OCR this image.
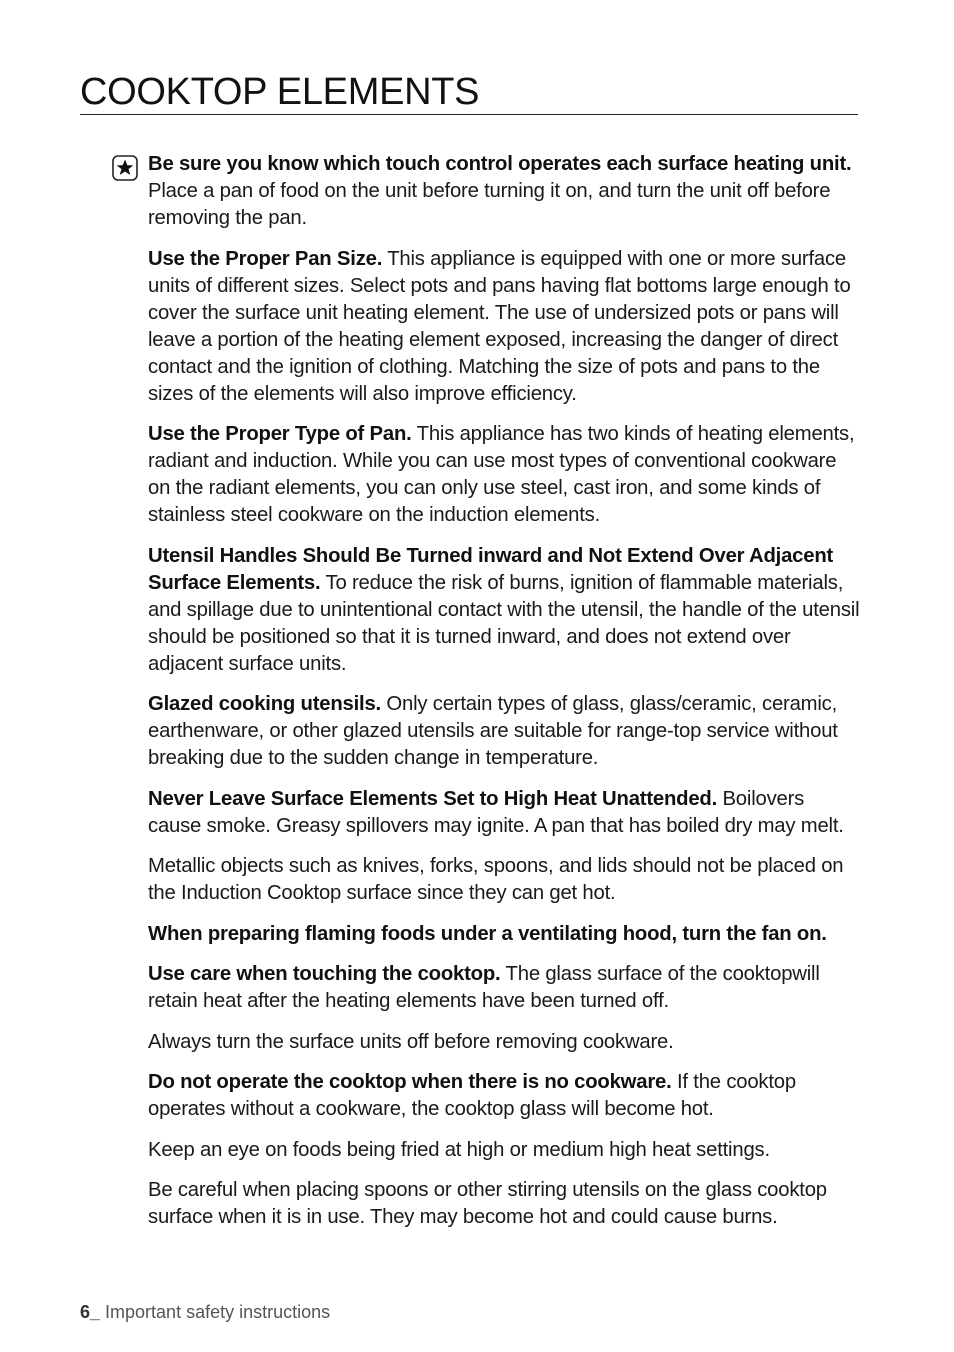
COOKTOP ELEMENTS

Be sure you know which touch control operates each surface heating unit. Place a pan of food on the unit before turning it on, and turn the unit off before removing the pan.

Use the Proper Pan Size. This appliance is equipped with one or more surface units of different sizes. Select pots and pans having flat bottoms large enough to cover the surface unit heating element. The use of undersized pots or pans will leave a portion of the heating element exposed, increasing the danger of direct contact and the ignition of clothing. Matching the size of pots and pans to the sizes of the elements will also improve efficiency.

Use the Proper Type of Pan. This appliance has two kinds of heating elements, radiant and induction. While you can use most types of conventional cookware on the radiant elements, you can only use steel, cast iron, and some kinds of stainless steel cookware on the induction elements.

Utensil Handles Should Be Turned inward and Not Extend Over Adjacent Surface Elements. To reduce the risk of burns, ignition of flammable materials, and spillage due to unintentional contact with the utensil, the handle of the utensil should be positioned so that it is turned inward, and does not extend over adjacent surface units.

Glazed cooking utensils. Only certain types of glass, glass/ceramic, ceramic, earthenware, or other glazed utensils are suitable for range-top service without breaking due to the sudden change in temperature.

Never Leave Surface Elements Set to High Heat Unattended. Boilovers cause smoke. Greasy spillovers may ignite. A pan that has boiled dry may melt.

Metallic objects such as knives, forks, spoons, and lids should not be placed on the Induction Cooktop surface since they can get hot.

When preparing flaming foods under a ventilating hood, turn the fan on.

Use care when touching the cooktop. The glass surface of the cooktopwill retain heat after the heating elements have been turned off.

Always turn the surface units off before removing cookware.

Do not operate the cooktop when there is no cookware. If the cooktop operates without a cookware, the cooktop glass will become hot.

Keep an eye on foods being fried at high or medium high heat settings.

Be careful when placing spoons or other stirring utensils on the glass cooktop surface when it is in use. They may become hot and could cause burns.

6_ Important safety instructions
